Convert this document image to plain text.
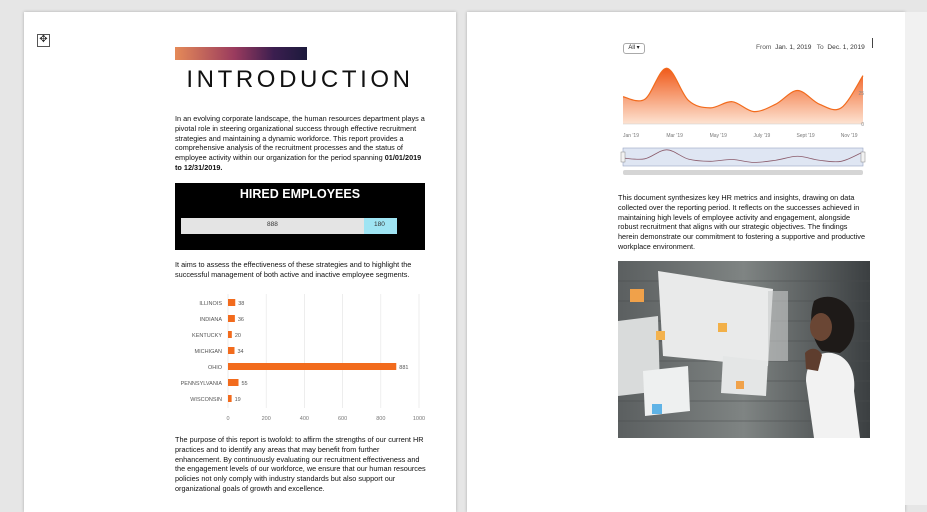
✥
INTRODUCTION
In an evolving corporate landscape, the human resources department plays a pivotal role in steering organizational success through effective recruitment strategies and maintaining a dynamic workforce. This report provides a comprehensive analysis of the recruitment processes and the status of employee activity within our organization for the period spanning 01/01/2019 to 12/31/2019.
HIRED EMPLOYEES
888	180
It aims to assess the effectiveness of these strategies and to highlight the successful management of both active and inactive employee segments.
0	200	400	600	800	1000
ILLINOIS	38
INDIANA	36
KENTUCKY 20
MICHIGAN	34
OHIO	881
PENNSYLVANIA	55
WISCONSIN 19
The purpose of this report is twofold: to affirm the strengths of our current HR practices and to identify any areas that may benefit from further enhancement. By continuously evaluating our recruitment effectiveness and the engagement levels of our workforce, we ensure that our human resources policies not only comply with industry standards but also support our organizational goals of growth and excellence.
All ▾	From Jan. 1, 2019 To Dec. 1, 2019
0
25
Jan '19	Mar '19	May '19	July '19	Sept '19	Nov '19
This document synthesizes key HR metrics and insights, drawing on data collected over the reporting period. It reflects on the successes achieved in maintaining high levels of employee activity and engagement, alongside robust recruitment that aligns with our strategic objectives. The findings herein demonstrate our commitment to fostering a supportive and productive workplace environment.
